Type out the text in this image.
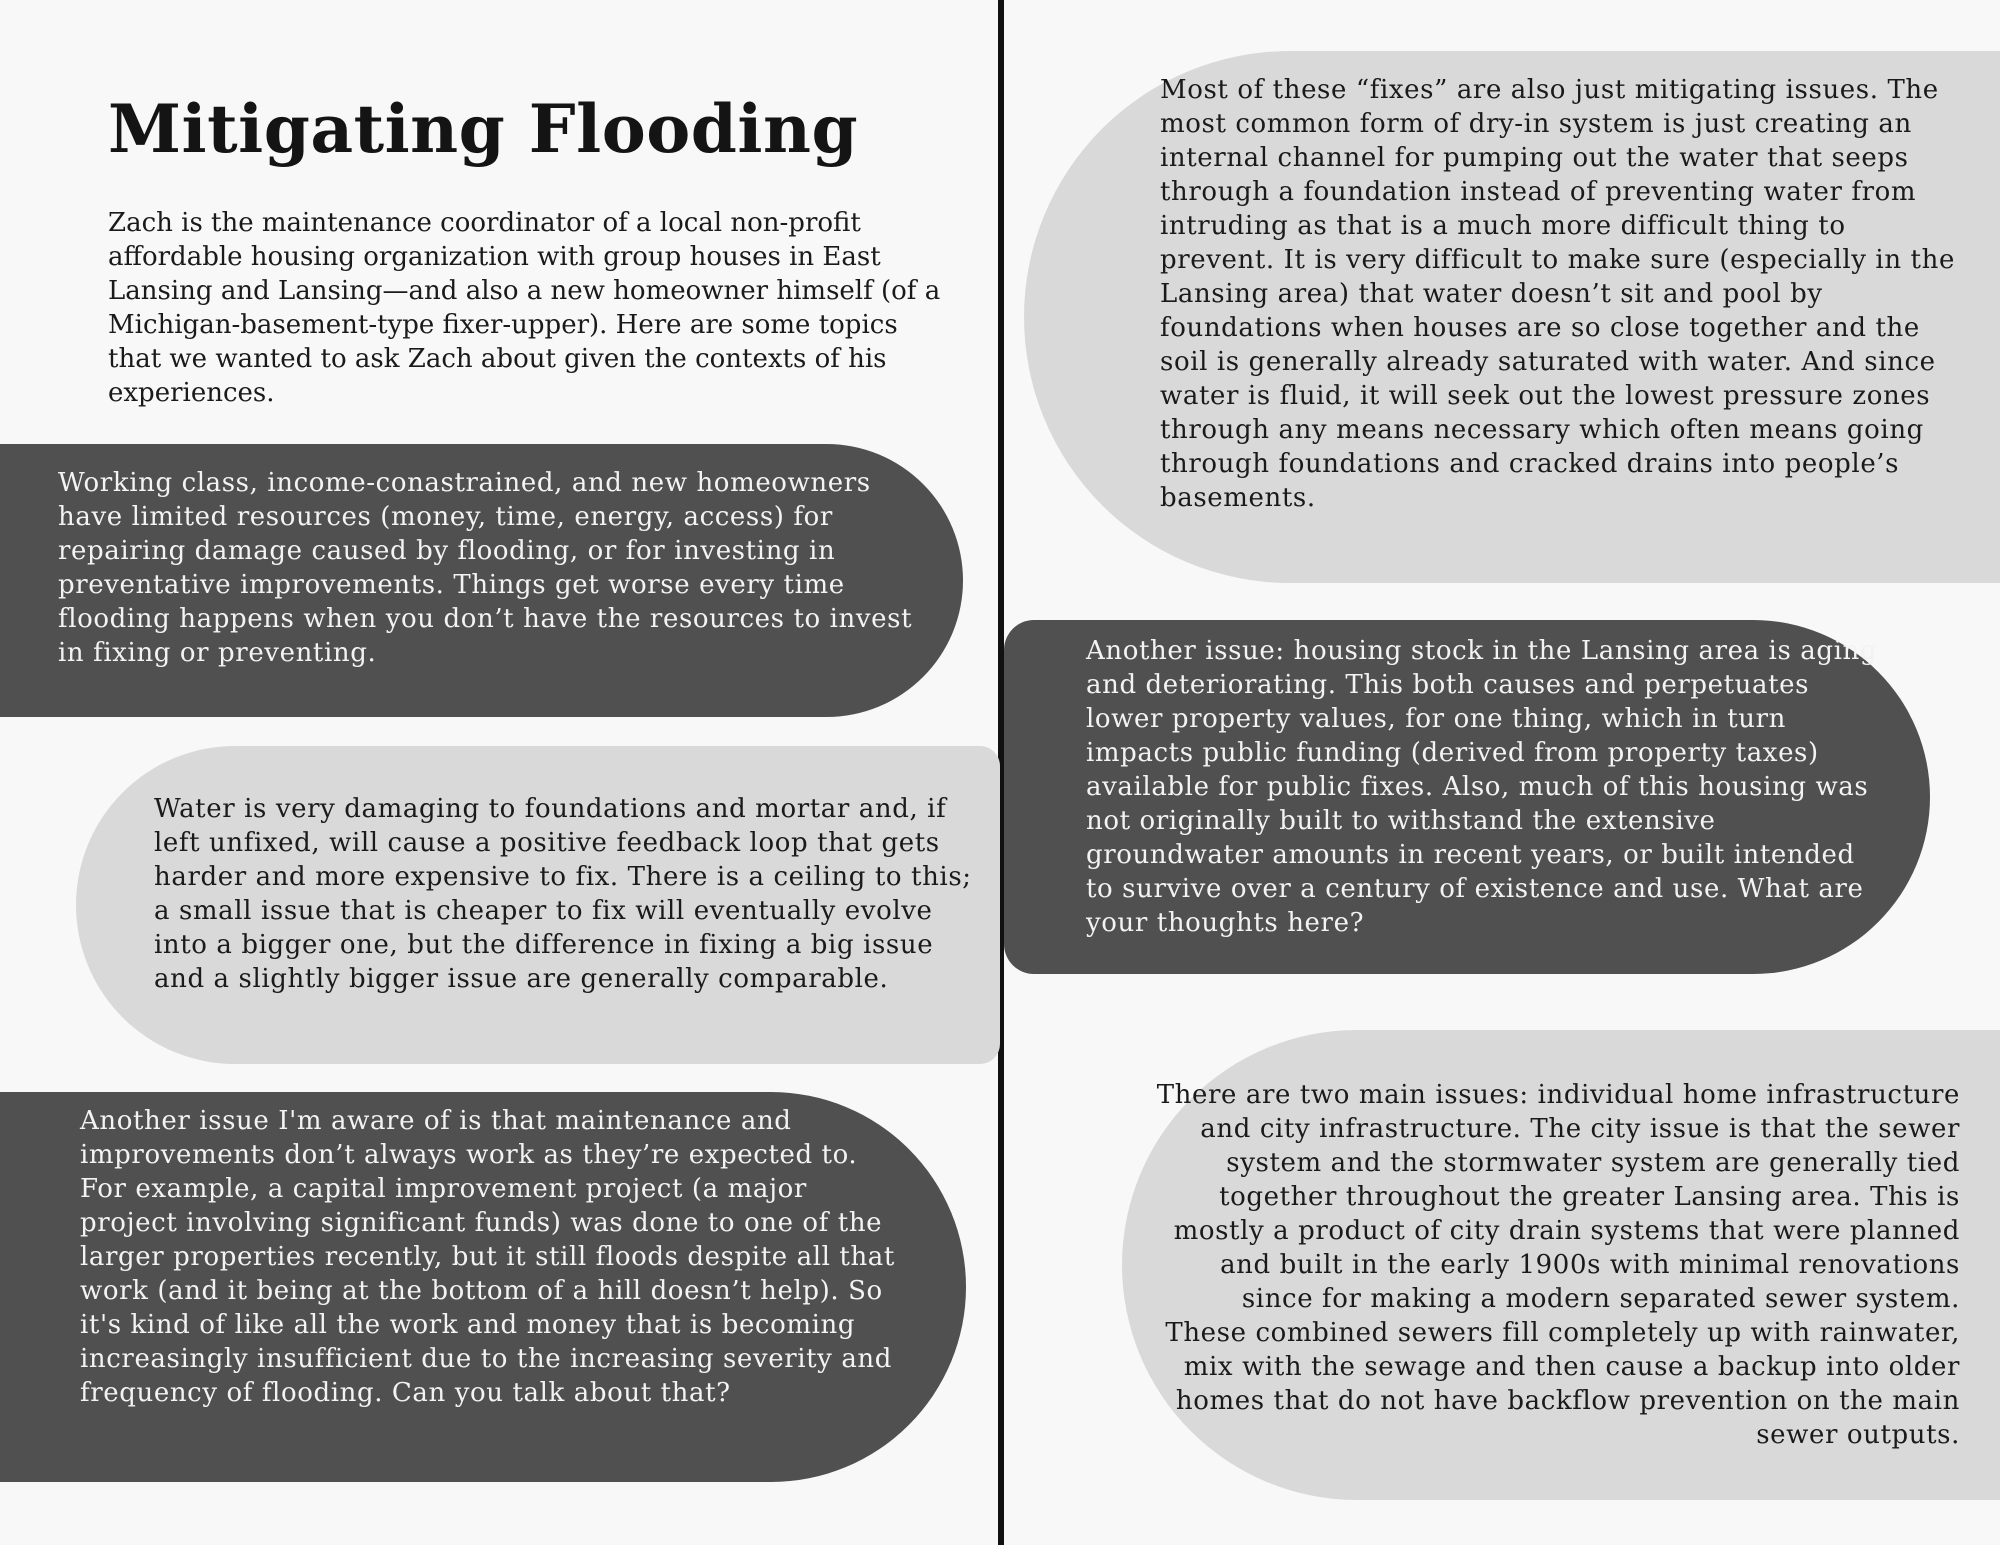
Mitigating Flooding

Zach is the maintenance coordinator of a local non-profit affordable housing organization with group houses in East Lansing and Lansing—and also a new homeowner himself (of a Michigan-basement-type fixer-upper). Here are some topics that we wanted to ask Zach about given the contexts of his experiences.

Working class, income-conastrained, and new homeowners have limited resources (money, time, energy, access) for repairing damage caused by flooding, or for investing in preventative improvements. Things get worse every time flooding happens when you don’t have the resources to invest in fixing or preventing.

Water is very damaging to foundations and mortar and, if left unfixed, will cause a positive feedback loop that gets harder and more expensive to fix. There is a ceiling to this; a small issue that is cheaper to fix will eventually evolve into a bigger one, but the difference in fixing a big issue and a slightly bigger issue are generally comparable.

Another issue I'm aware of is that maintenance and improvements don’t always work as they’re expected to. For example, a capital improvement project (a major project involving significant funds) was done to one of the larger properties recently, but it still floods despite all that work (and it being at the bottom of a hill doesn’t help). So it's kind of like all the work and money that is becoming increasingly insufficient due to the increasing severity and frequency of flooding. Can you talk about that?

Most of these “fixes” are also just mitigating issues. The most common form of dry-in system is just creating an internal channel for pumping out the water that seeps through a foundation instead of preventing water from intruding as that is a much more difficult thing to prevent. It is very difficult to make sure (especially in the Lansing area) that water doesn’t sit and pool by foundations when houses are so close together and the soil is generally already saturated with water. And since water is fluid, it will seek out the lowest pressure zones through any means necessary which often means going through foundations and cracked drains into people’s basements.

Another issue: housing stock in the Lansing area is aging and deteriorating. This both causes and perpetuates lower property values, for one thing, which in turn impacts public funding (derived from property taxes) available for public fixes. Also, much of this housing was not originally built to withstand the extensive groundwater amounts in recent years, or built intended to survive over a century of existence and use. What are your thoughts here?

There are two main issues: individual home infrastructure and city infrastructure. The city issue is that the sewer system and the stormwater system are generally tied together throughout the greater Lansing area. This is mostly a product of city drain systems that were planned and built in the early 1900s with minimal renovations since for making a modern separated sewer system. These combined sewers fill completely up with rainwater, mix with the sewage and then cause a backup into older homes that do not have backflow prevention on the main sewer outputs.
